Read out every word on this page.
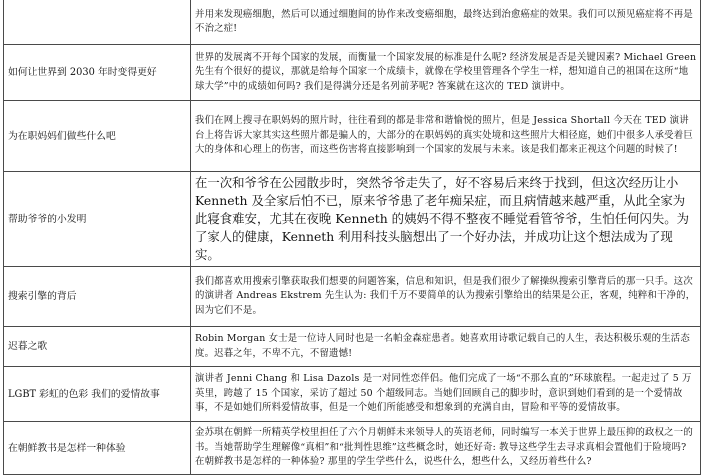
	并用来发现癌细胞，然后可以通过细胞间的协作来改变癌细胞，最终达到治愈癌症的效果。我们可以预见癌症将不再是不治之症!
如何让世界到 2030 年时变得更好	世界的发展离不开每个国家的发展，而衡量一个国家发展的标准是什么呢? 经济发展是否是关键因素? Michael Green 先生有个很好的提议，那就是给每个国家一个成绩卡，就像在学校里管理各个学生一样，想知道自己的祖国在这所“地球大学”中的成绩如何吗? 我们是得满分还是名列前茅呢? 答案就在这次的 TED 演讲中。
为在职妈妈们做些什么吧	我们在网上搜寻在职妈妈的照片时，往往看到的都是非常和谐愉悦的照片，但是 Jessica Shortall 今天在 TED 演讲台上将告诉大家其实这些照片都是骗人的，大部分的在职妈妈的真实处境和这些照片大相径庭，她们中很多人承受着巨大的身体和心理上的伤害，而这些伤害将直接影响到一个国家的发展与未来。该是我们都来正视这个问题的时候了!
帮助爷爷的小发明	在一次和爷爷在公园散步时，突然爷爷走失了，好不容易后来终于找到，但这次经历让小 Kenneth 及全家后怕不已，原来爷爷患了老年痴呆症，而且病情越来越严重，从此全家为此寝食难安，尤其在夜晚 Kenneth 的姨妈不得不整夜不睡觉看管爷爷，生怕任何闪失。为了家人的健康，Kenneth 利用科技头脑想出了一个好办法，并成功让这个想法成为了现实。
搜索引擎的背后	我们都喜欢用搜索引擎获取我们想要的问题答案，信息和知识，但是我们很少了解操纵搜索引擎背后的那一只手。这次的演讲者 Andreas Ekstrem 先生认为: 我们千万不要简单的认为搜索引擎给出的结果是公正，客观，纯粹和干净的，因为它们不是。
迟暮之歌	Robin Morgan 女士是一位诗人同时也是一名帕金森症患者。她喜欢用诗歌记载自己的人生，表达积极乐观的生活态度。迟暮之年，不卑不亢，不留遗憾!
LGBT 彩虹的色彩 我们的爱情故事	演讲者 Jenni Chang 和 Lisa Dazols 是一对同性恋伴侣。他们完成了一场“不那么直的”环球旅程。一起走过了 5 万英里，跨越了 15 个国家，采访了超过 50 个超级同志。当她们回顾自己的脚步时，意识到她们看到的是一个爱情故事，不是如她们所料爱情故事，但是一个她们所能感受和想象到的充满自由，冒险和平等的爱情故事。
在朝鲜教书是怎样一种体验	金苏琪在朝鲜一所精英学校里担任了六个月朝鲜未来领导人的英语老师，同时编写一本关于世界上最压抑的政权之一的书。当她帮助学生理解像“真相”和“批判性思维”这些概念时，她还好奇: 教导这些学生去寻求真相会置他们于险境吗? 在朝鲜教书是怎样的一种体验? 那里的学生学些什么，说些什么，想些什么，又经历着些什么?
